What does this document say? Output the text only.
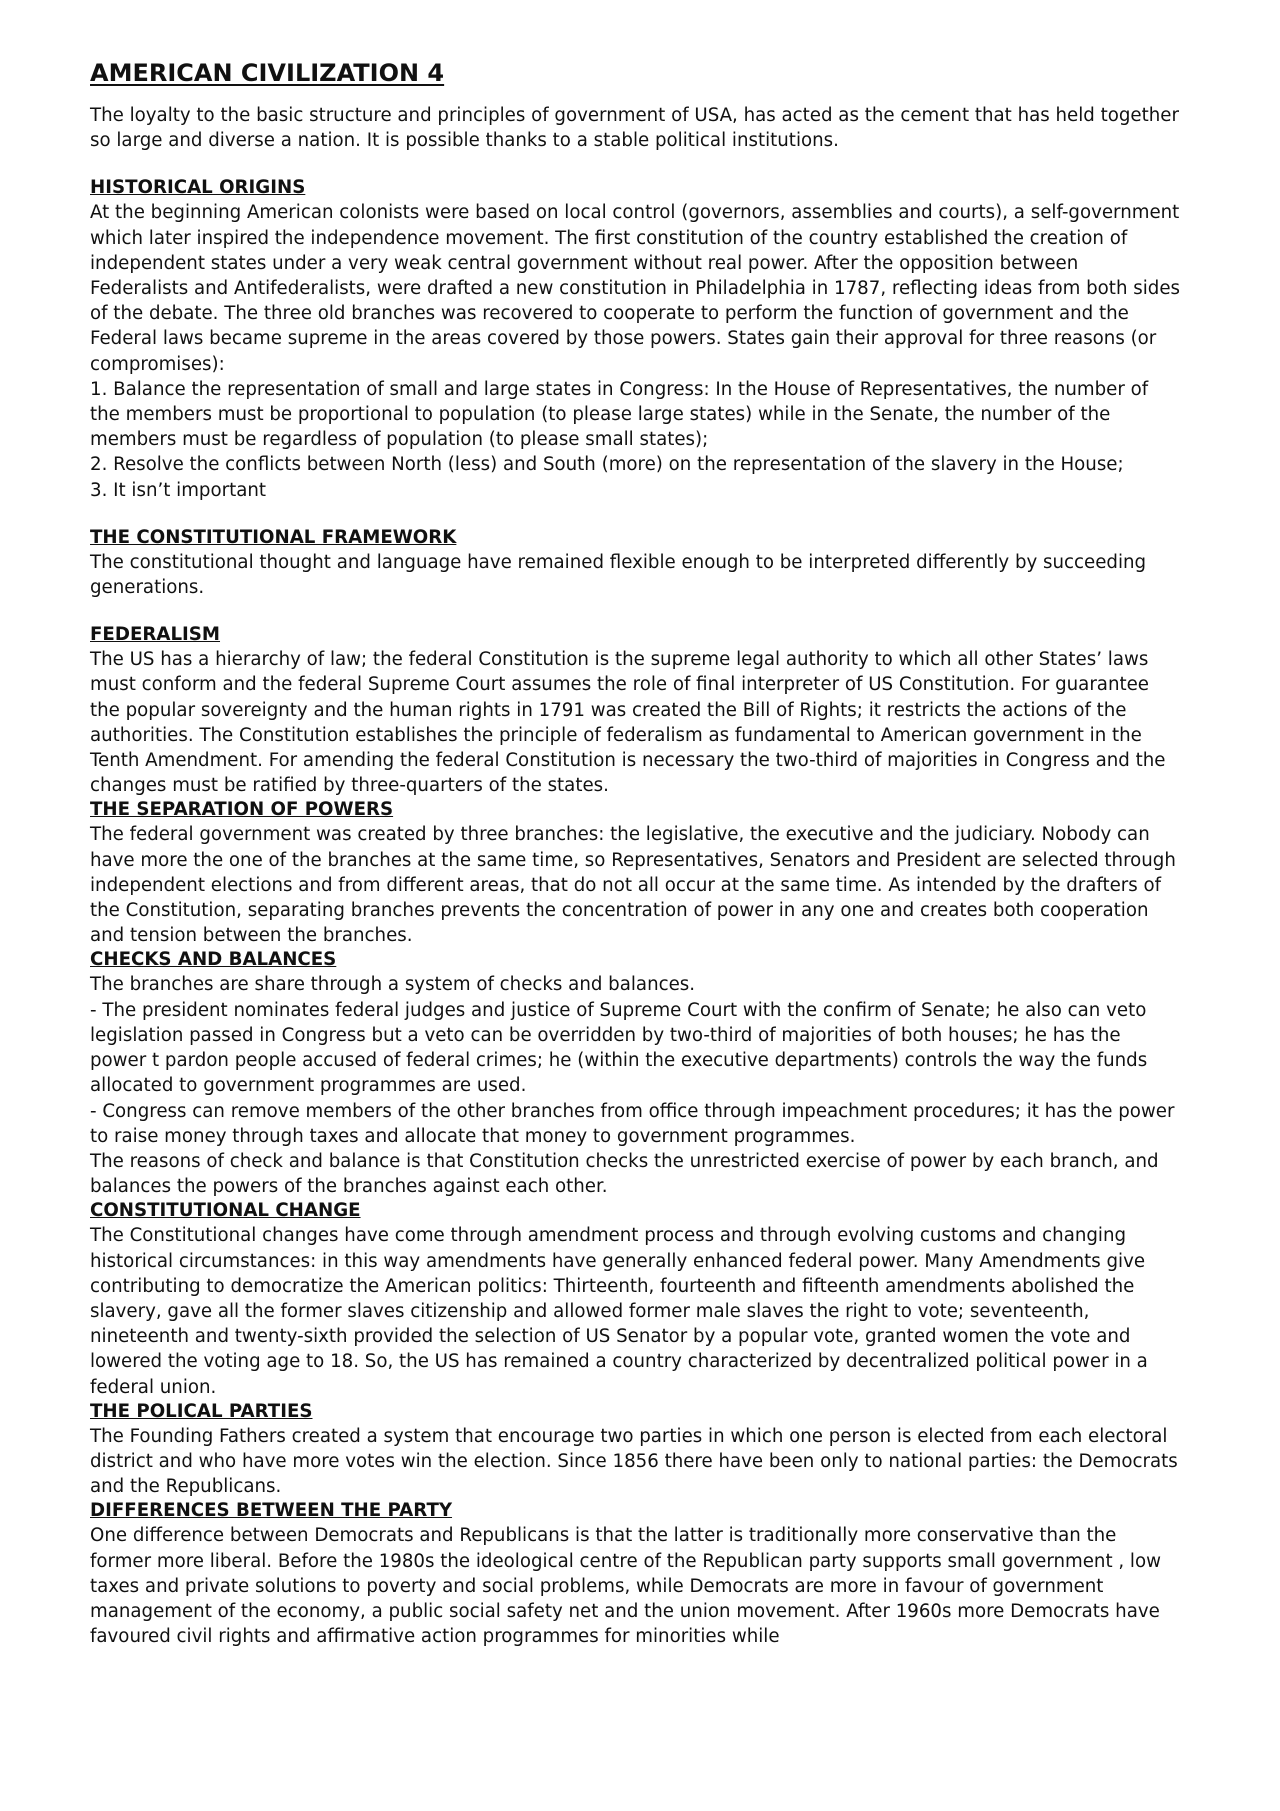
AMERICAN CIVILIZATION 4

The loyalty to the basic structure and principles of government of USA, has acted as the cement that has held together so large and diverse a nation. It is possible thanks to a stable political institutions.

HISTORICAL ORIGINS

At the beginning American colonists were based on local control (governors, assemblies and courts), a self-government which later inspired the independence movement. The first constitution of the country established the creation of independent states under a very weak central government without real power. After the opposition between Federalists and Antifederalists, were drafted a new constitution in Philadelphia in 1787, reflecting ideas from both sides of the debate. The three old branches was recovered to cooperate to perform the function of government and the Federal laws became supreme in the areas covered by those powers. States gain their approval for three reasons (or compromises):

1. Balance the representation of small and large states in Congress: In the House of Representatives, the number of the members must be proportional to population (to please large states) while in the Senate, the number of the members must be regardless of population (to please small states);

2. Resolve the conflicts between North (less) and South (more) on the representation of the slavery in the House;

3. It isn’t important

THE CONSTITUTIONAL FRAMEWORK

The constitutional thought and language have remained flexible enough to be interpreted differently by succeeding generations.

FEDERALISM

The US has a hierarchy of law; the federal Constitution is the supreme legal authority to which all other States’ laws must conform and the federal Supreme Court assumes the role of final interpreter of US Constitution. For guarantee the popular sovereignty and the human rights in 1791 was created the Bill of Rights; it restricts the actions of the authorities. The Constitution establishes the principle of federalism as fundamental to American government in the Tenth Amendment. For amending the federal Constitution is necessary the two-third of majorities in Congress and the changes must be ratified by three-quarters of the states.

THE SEPARATION OF POWERS

The federal government was created by three branches: the legislative, the executive and the judiciary. Nobody can have more the one of the branches at the same time, so Representatives, Senators and President are selected through independent elections and from different areas, that do not all occur at the same time. As intended by the drafters of the Constitution, separating branches prevents the concentration of power in any one and creates both cooperation and tension between the branches.

CHECKS AND BALANCES

The branches are share through a system of checks and balances.

- The president nominates federal judges and justice of Supreme Court with the confirm of Senate; he also can veto legislation passed in Congress but a veto can be overridden by two-third of majorities of both houses; he has the power t pardon people accused of federal crimes; he (within the executive departments) controls the way the funds allocated to government programmes are used.

- Congress can remove members of the other branches from office through impeachment procedures; it has the power to raise money through taxes and allocate that money to government programmes.

The reasons of check and balance is that Constitution checks the unrestricted exercise of power by each branch, and balances the powers of the branches against each other.

CONSTITUTIONAL CHANGE

The Constitutional changes have come through amendment process and through evolving customs and changing historical circumstances: in this way amendments have generally enhanced federal power. Many Amendments give contributing to democratize the American politics: Thirteenth, fourteenth and fifteenth amendments abolished the slavery, gave all the former slaves citizenship and allowed former male slaves the right to vote; seventeenth, nineteenth and twenty-sixth provided the selection of US Senator by a popular vote, granted women the vote and lowered the voting age to 18. So, the US has remained a country characterized by decentralized political power in a federal union.

THE POLICAL PARTIES

The Founding Fathers created a system that encourage two parties in which one person is elected from each electoral district and who have more votes win the election. Since 1856 there have been only to national parties: the Democrats and the Republicans.

DIFFERENCES BETWEEN THE PARTY

One difference between Democrats and Republicans is that the latter is traditionally more conservative than the former more liberal. Before the 1980s the ideological centre of the Republican party supports small government , low taxes and private solutions to poverty and social problems, while Democrats are more in favour of government management of the economy, a public social safety net and the union movement. After 1960s more Democrats have favoured civil rights and affirmative action programmes for minorities while
